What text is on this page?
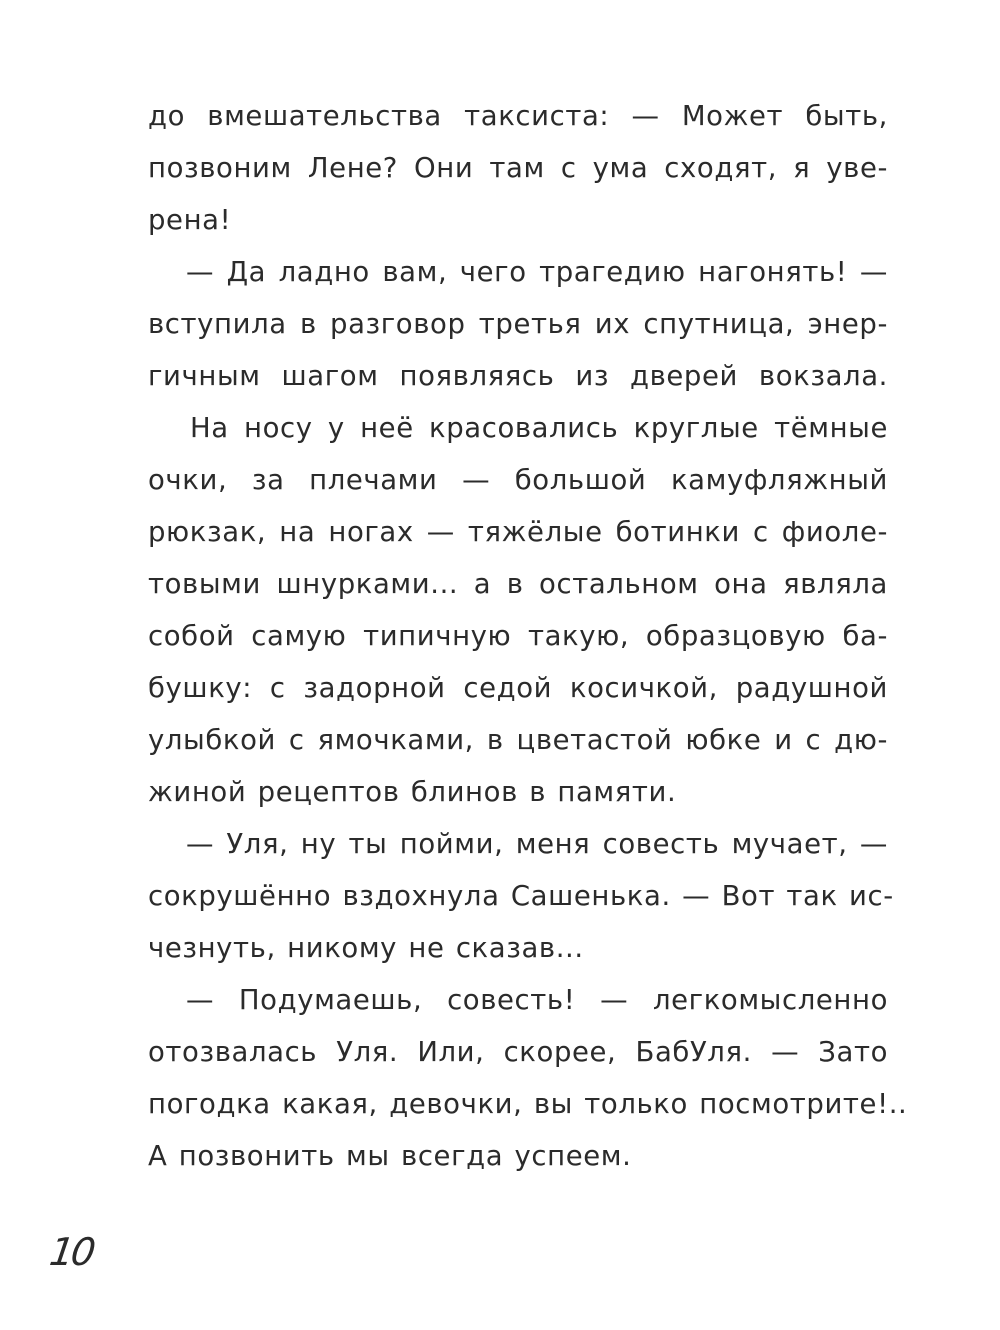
до вмешательства таксиста: — Может быть,
позвоним Лене? Они там с ума сходят, я уве-
рена!
— Да ладно вам, чего трагедию нагонять! —
вступила в разговор третья их спутница, энер-
гичным шагом появляясь из дверей вокзала.
На носу у неё красовались круглые тёмные
очки, за плечами — большой камуфляжный
рюкзак, на ногах — тяжёлые ботинки с фиоле-
товыми шнурками... а в остальном она являла
собой самую типичную такую, образцовую ба-
бушку: с задорной седой косичкой, радушной
улыбкой с ямочками, в цветастой юбке и с дю-
жиной рецептов блинов в памяти.
— Уля, ну ты пойми, меня совесть мучает, —
сокрушённо вздохнула Сашенька. — Вот так ис-
чезнуть, никому не сказав...
— Подумаешь, совесть! — легкомысленно
отозвалась Уля. Или, скорее, БабУля. — Зато
погодка какая, девочки, вы только посмотрите!..
А позвонить мы всегда успеем.
10
